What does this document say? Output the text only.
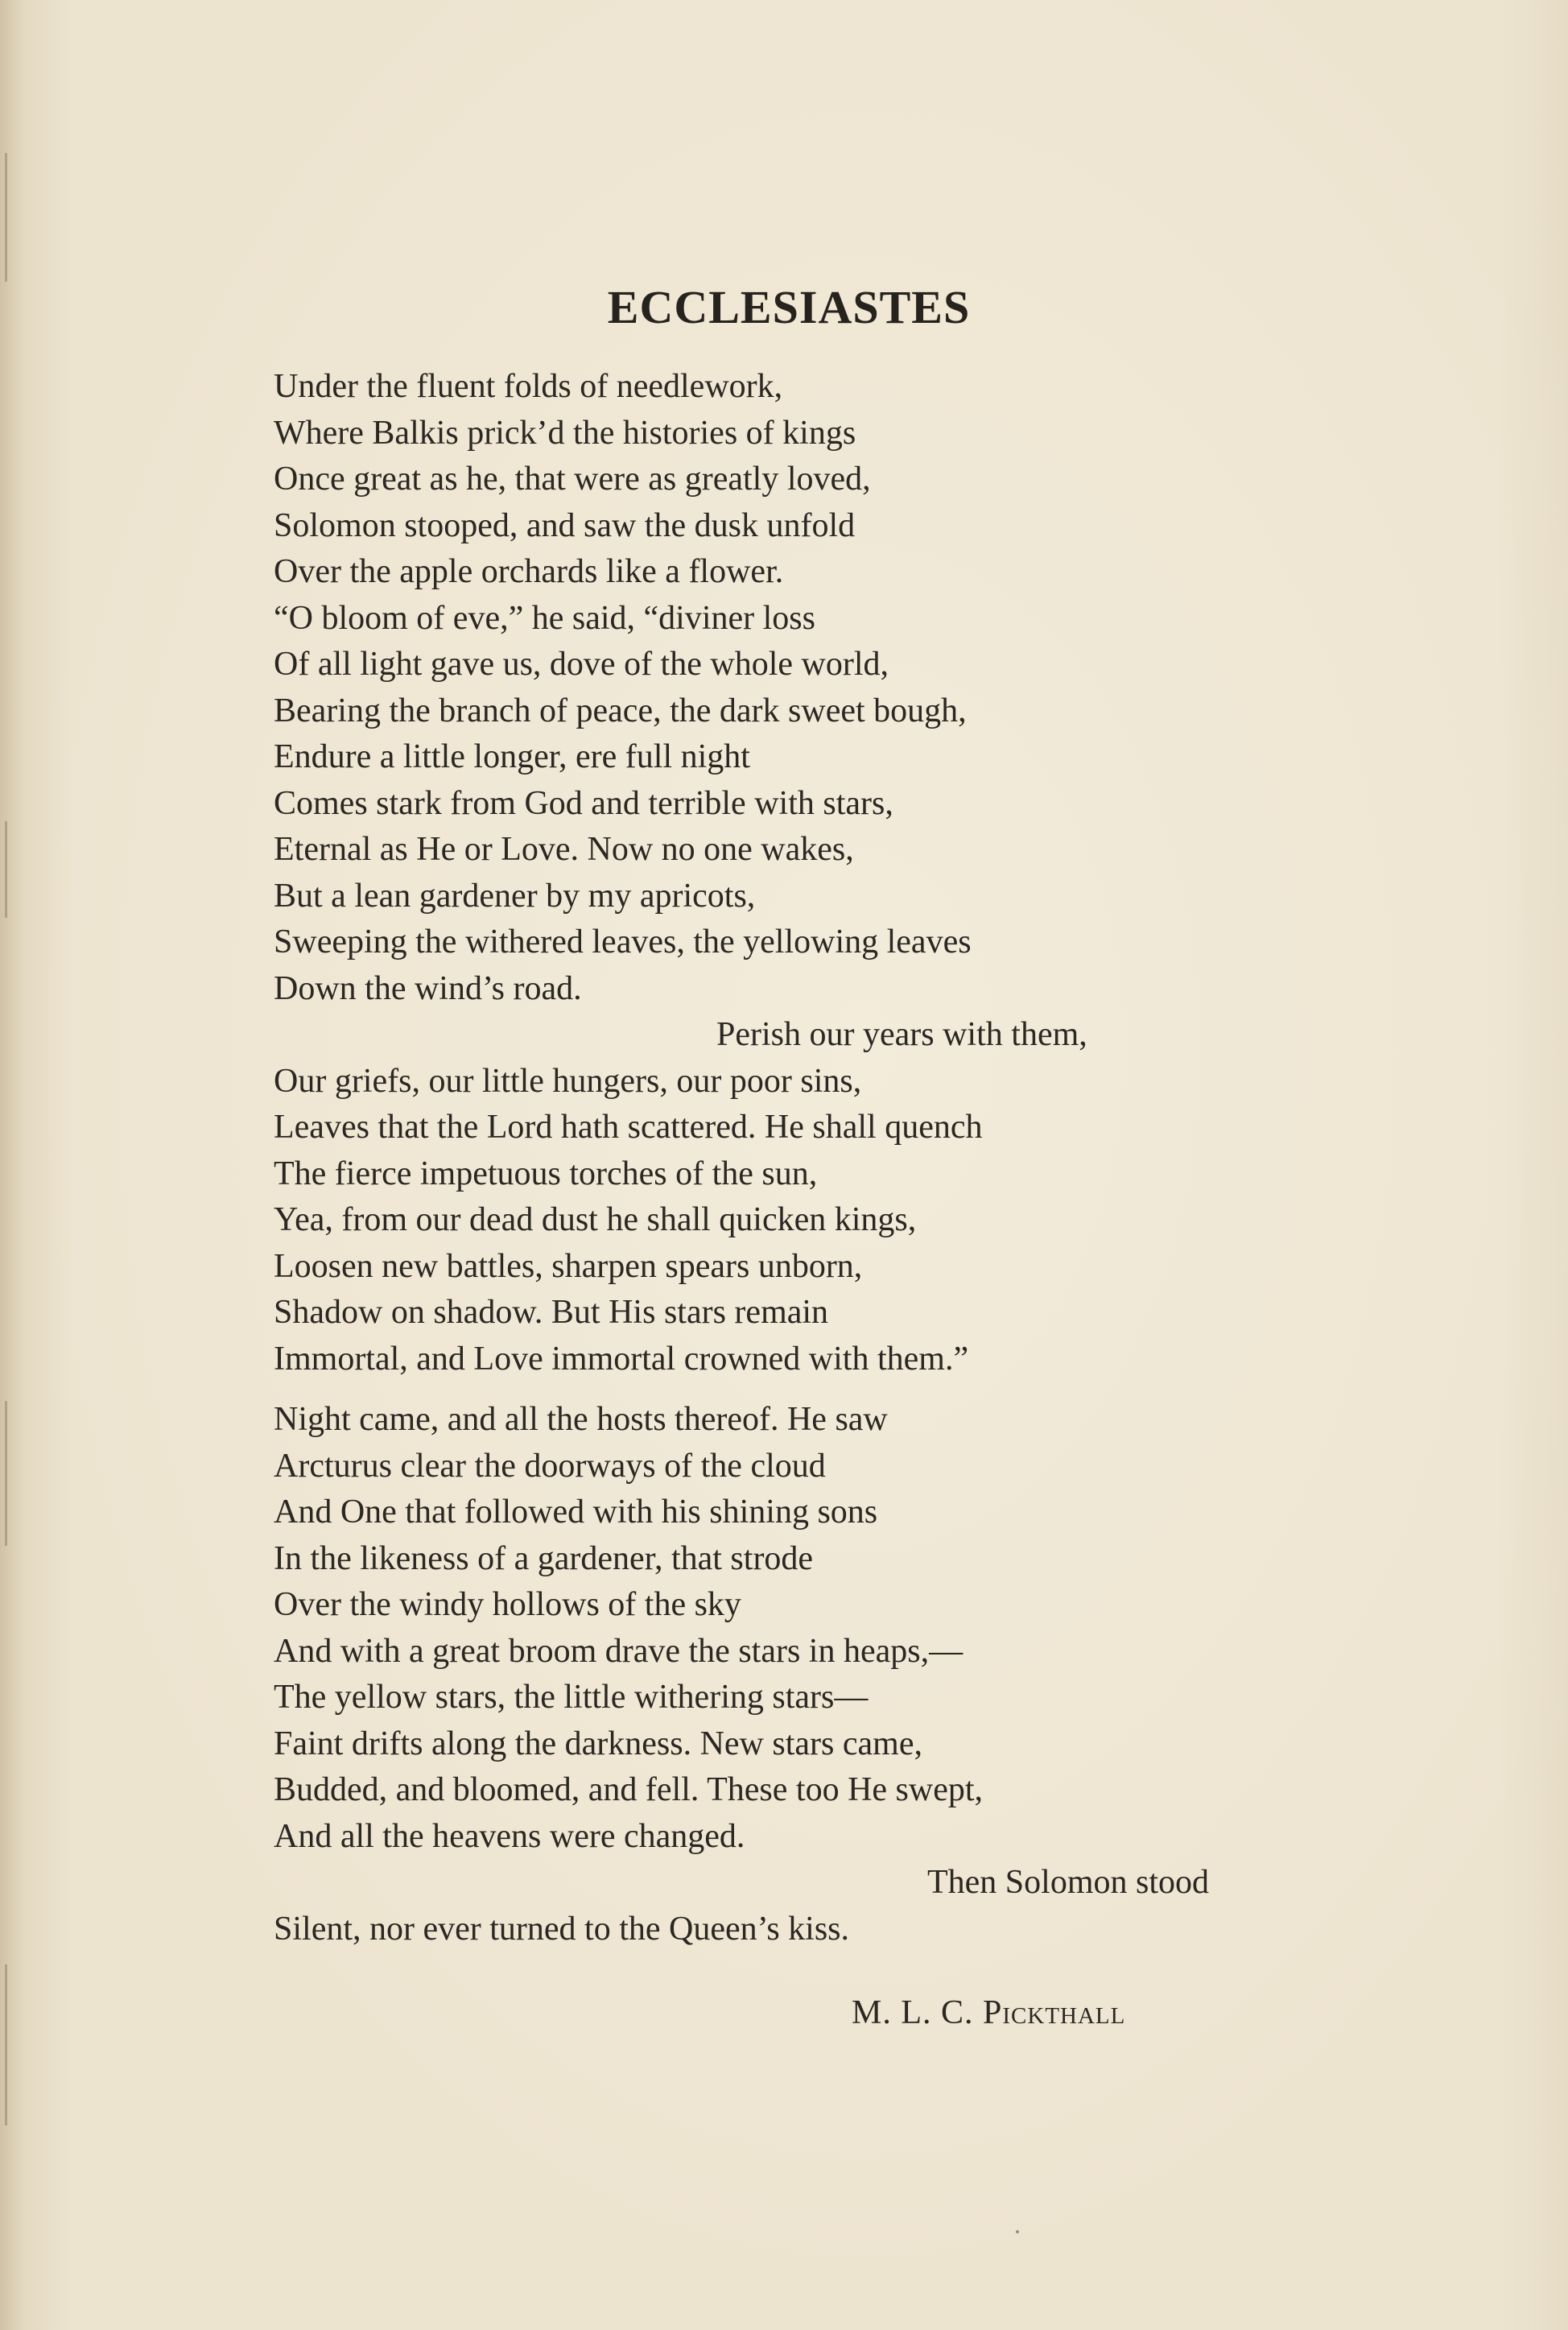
ECCLESIASTES
Under the fluent folds of needlework,
Where Balkis prick’d the histories of kings
Once great as he, that were as greatly loved,
Solomon stooped, and saw the dusk unfold
Over the apple orchards like a flower.
“O bloom of eve,” he said, “diviner loss
Of all light gave us, dove of the whole world,
Bearing the branch of peace, the dark sweet bough,
Endure a little longer, ere full night
Comes stark from God and terrible with stars,
Eternal as He or Love. Now no one wakes,
But a lean gardener by my apricots,
Sweeping the withered leaves, the yellowing leaves
Down the wind’s road.
Perish our years with them,
Our griefs, our little hungers, our poor sins,
Leaves that the Lord hath scattered. He shall quench
The fierce impetuous torches of the sun,
Yea, from our dead dust he shall quicken kings,
Loosen new battles, sharpen spears unborn,
Shadow on shadow. But His stars remain
Immortal, and Love immortal crowned with them.”
Night came, and all the hosts thereof. He saw
Arcturus clear the doorways of the cloud
And One that followed with his shining sons
In the likeness of a gardener, that strode
Over the windy hollows of the sky
And with a great broom drave the stars in heaps,—
The yellow stars, the little withering stars—
Faint drifts along the darkness. New stars came,
Budded, and bloomed, and fell. These too He swept,
And all the heavens were changed.
Then Solomon stood
Silent, nor ever turned to the Queen’s kiss.
M. L. C. Pickthall
